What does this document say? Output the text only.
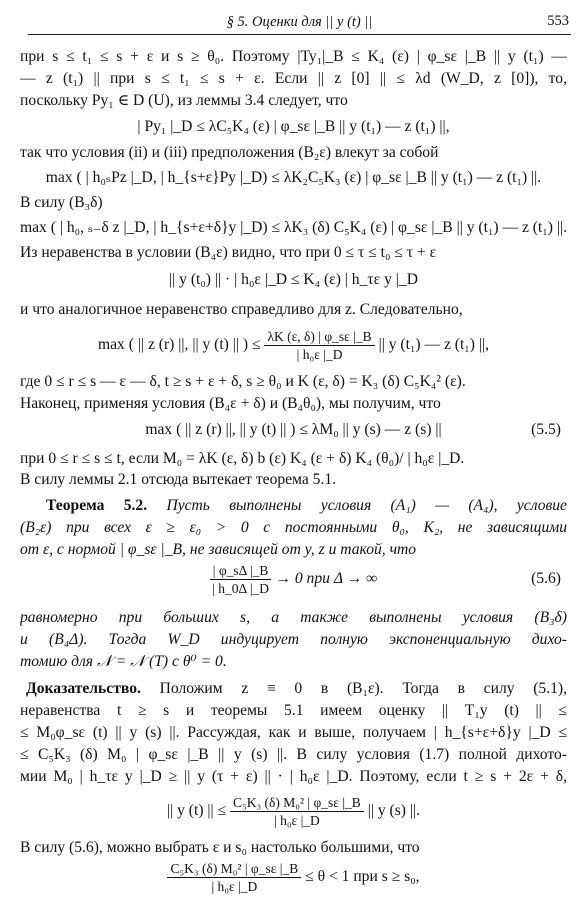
§ 5. Оценки для || y (t) ||	553
при s ≤ t₁ ≤ s + ε и s ≥ θ₀. Поэтому |Ty₁|_B ≤ K₄ (ε) | φ_sε |_B || y (t₁) —
— z (t₁) || при s ≤ t₁ ≤ s + ε. Если || z [0] || ≤ λd (W_D, z [0]), то,
поскольку Py₁ ∈ D (U), из леммы 3.4 следует, что
| Py₁ |_D ≤ λC₅K₄ (ε) | φ_sε |_B || y (t₁) — z (t₁) ||,
так что условия (ii) и (iii) предположения (B₂ε) влекут за собой
max ( | h₀ₛPz |_D, | h_{s+ε}Py |_D) ≤ λK₂C₅K₃ (ε) | φ_sε |_B || y (t₁) — z (t₁) ||.
В силу (B₃δ)
max ( | h₀, ₛ₋δ z |_D, | h_{s+ε+δ}y |_D) ≤ λK₃ (δ) C₅K₄ (ε) | φ_sε |_B || y (t₁) — z (t₁) ||.
Из неравенства в условии (B₄ε) видно, что при 0 ≤ τ ≤ t₀ ≤ τ + ε
|| y (t₀) || · | h₀ε |_D ≤ K₄ (ε) | h_τε y |_D
и что аналогичное неравенство справедливо для z. Следовательно,
max ( || z (r) ||, || y (t) || ) ≤ $\frac{\lambda K (\varepsilon, \delta) | \varphi\_s\varepsilon |\_B}{\text{| h₀ε |\_D}}$ || y (t₁) — z (t₁) ||,
где 0 ≤ r ≤ s — ε — δ, t ≥ s + ε + δ, s ≥ θ₀ и K (ε, δ) = K₃ (δ) C₅K₄² (ε).
Наконец, применяя условия (B₄ε + δ) и (B₄θ₀), мы получим, что
max ( || z (r) ||, || y (t) || ) ≤ λM₀ || y (s) — z (s) ||	(5.5)
при 0 ≤ r ≤ s ≤ t, если M₀ = λK (ε, δ) b (ε) K₄ (ε + δ) K₄ (θ₀)/ | h₀ε |_D.
В силу леммы 2.1 отсюда вытекает теорема 5.1.
Теорема 5.2. Пусть выполнены условия (A₁) — (A₄), условие
(B₂ε) при всех ε ≥ ε₀ > 0 с постоянными θ₀, K₂, не зависящими
от ε, с нормой | φ_sε |_B, не зависящей от y, z и такой, что
$\frac{| \varphi\_s\Delta |\_B}{| h\_0\Delta |\_D} \to 0$ при Δ → ∞	(5.6)
равномерно при больших s, а также выполнены условия (B₃δ)
и (B₄Δ). Тогда W_D индуцирует полную экспоненциальную дихо-
томию для 𝒩 = 𝒩 (T) с θ⁰ = 0.
Доказательство. Положим z ≡ 0 в (B₁ε). Тогда в силу (5.1),
неравенства t ≥ s и теоремы 5.1 имеем оценку || T₁y (t) || ≤
≤ M₀φ_sε (t) || y (s) ||. Рассуждая, как и выше, получаем | h_{s+ε+δ}y |_D ≤
≤ C₅K₃ (δ) M₀ | φ_sε |_B || y (s) ||. В силу условия (1.7) полной дихото-
мии M₀ | h_τε y |_D ≥ || y (τ + ε) || · | h₀ε |_D. Поэтому, если t ≥ s + 2ε + δ,
|| y (t) || ≤ $\frac{\text{C₅K₃ (δ) M₀² | φ\_sε |\_B}}{\text{| h₀ε |\_D}}$ || y (s) ||.
В силу (5.6), можно выбрать ε и s₀ настолько большими, что
$\frac{\text{C₅K₃ (δ) M₀² | φ\_sε |\_B}}{\text{| h₀ε |\_D}} \le \theta < 1$ при s ≥ s₀,
